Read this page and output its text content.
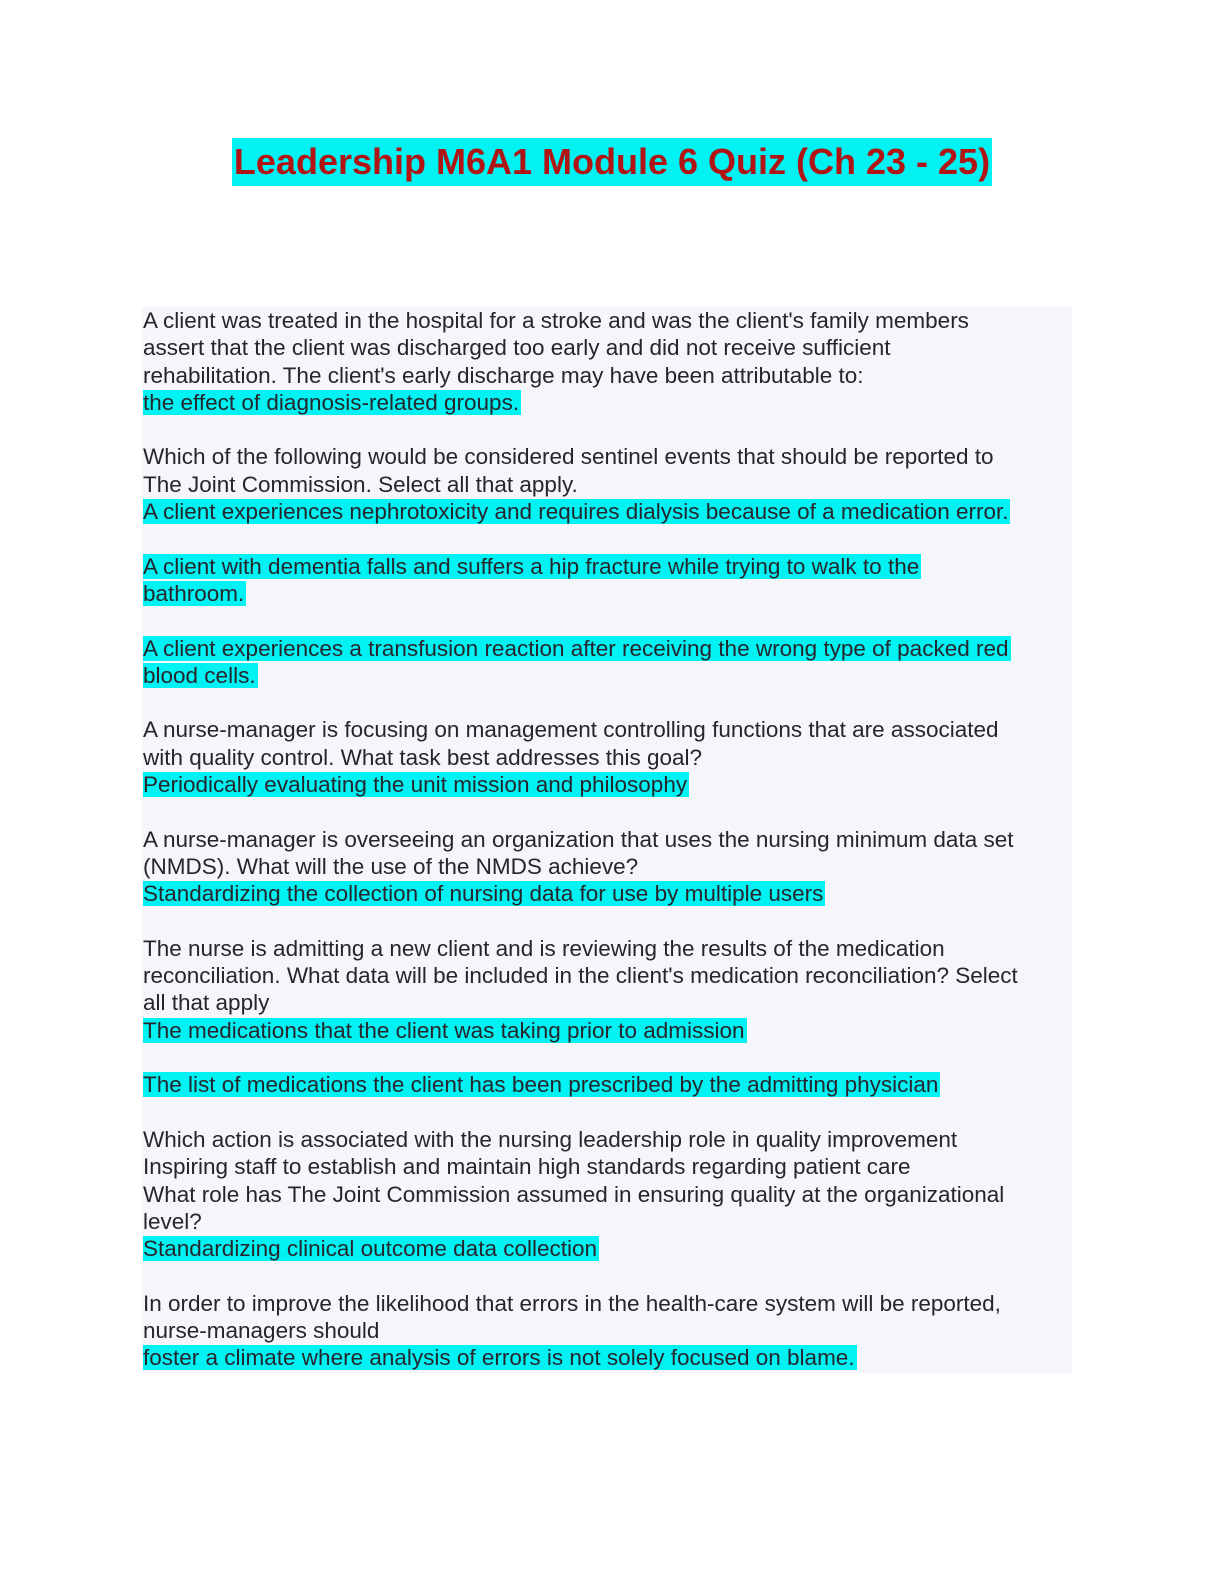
Leadership M6A1 Module 6 Quiz (Ch 23 - 25)
A client was treated in the hospital for a stroke and was the client's family members
assert that the client was discharged too early and did not receive sufficient
rehabilitation. The client's early discharge may have been attributable to:
the effect of diagnosis-related groups.
Which of the following would be considered sentinel events that should be reported to
The Joint Commission. Select all that apply.
A client experiences nephrotoxicity and requires dialysis because of a medication error.
A client with dementia falls and suffers a hip fracture while trying to walk to the
bathroom.
A client experiences a transfusion reaction after receiving the wrong type of packed red
blood cells.
A nurse-manager is focusing on management controlling functions that are associated
with quality control. What task best addresses this goal?
Periodically evaluating the unit mission and philosophy
A nurse-manager is overseeing an organization that uses the nursing minimum data set
(NMDS). What will the use of the NMDS achieve?
Standardizing the collection of nursing data for use by multiple users
The nurse is admitting a new client and is reviewing the results of the medication
reconciliation. What data will be included in the client's medication reconciliation? Select
all that apply
The medications that the client was taking prior to admission
The list of medications the client has been prescribed by the admitting physician
Which action is associated with the nursing leadership role in quality improvement
Inspiring staff to establish and maintain high standards regarding patient care
What role has The Joint Commission assumed in ensuring quality at the organizational
level?
Standardizing clinical outcome data collection
In order to improve the likelihood that errors in the health-care system will be reported,
nurse-managers should
foster a climate where analysis of errors is not solely focused on blame.
